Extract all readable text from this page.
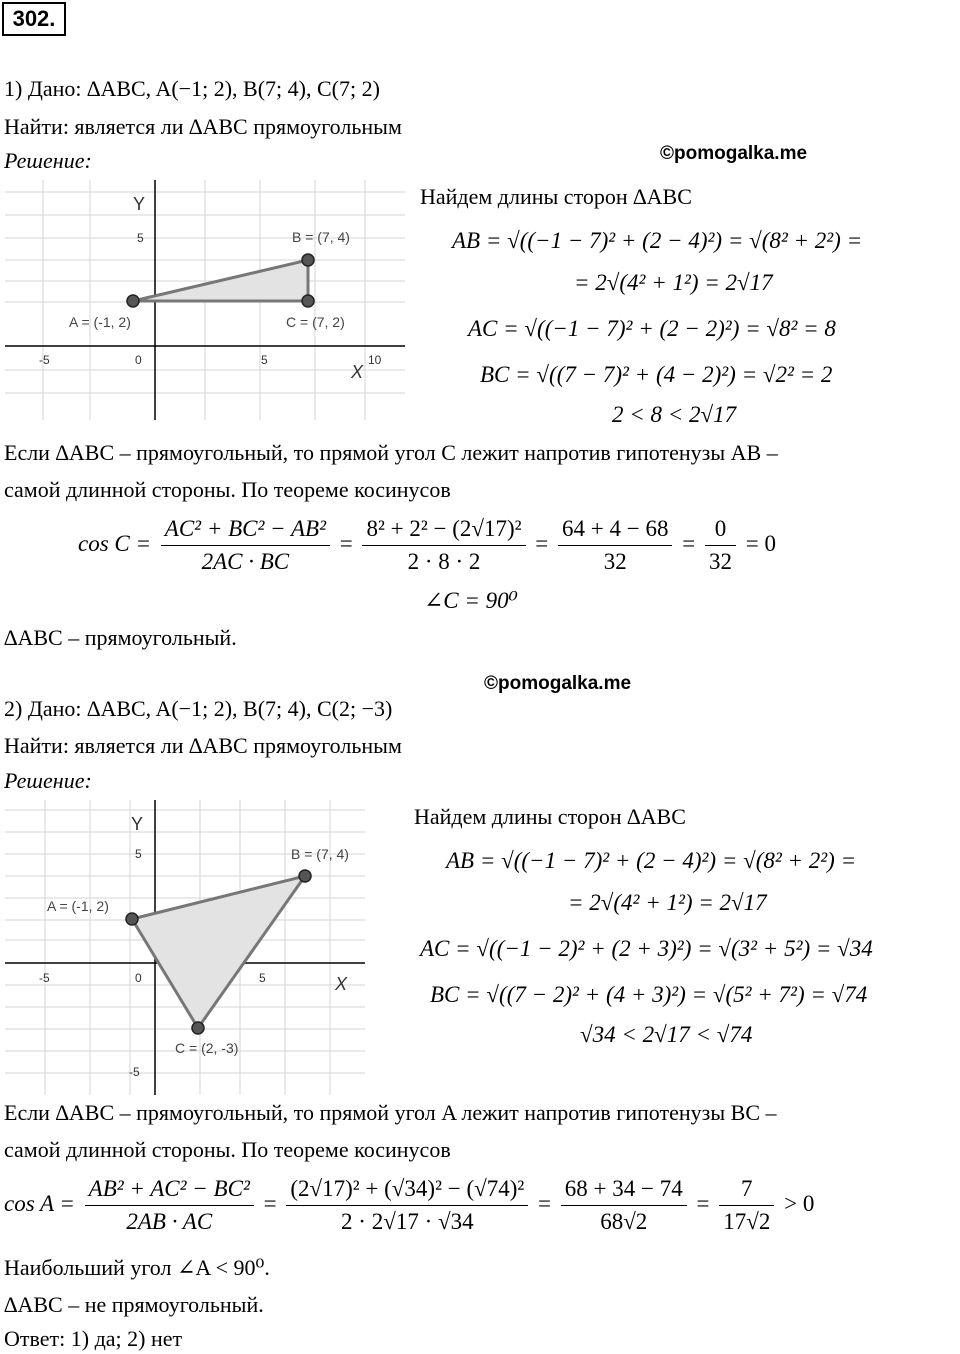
302.
1) Дано: ∆ABC, A(−1; 2), B(7; 4), C(7; 2)
Найти: является ли ∆ABC прямоугольным
Решение:	©pomogalka.me
Y
X
5
-5	0	5	10
A = (-1, 2)
B = (7, 4)
C = (7, 2)
Найдем длины сторон ∆ABC
AB = √((−1 − 7)² + (2 − 4)²) = √(8² + 2²) =
= 2√(4² + 1²) = 2√17
AC = √((−1 − 7)² + (2 − 2)²) = √8² = 8
BC = √((7 − 7)² + (4 − 2)²) = √2² = 2
2 < 8 < 2√17
Если ∆ABC – прямоугольный, то прямой угол C лежит напротив гипотенузы AB –
самой длинной стороны. По теореме косинусов
$\cos C = \frac{\text{AC² + BC² − AB²}}{2AC \cdot BC} = \frac{\text{8² + 2² − (2√17)²}}{2 \cdot 8 \cdot 2} = \frac{64 + 4 - 68}{32} = \frac{0}{32} = 0$
∠C = 90⁰
∆ABC – прямоугольный.
©pomogalka.me
2) Дано: ∆ABC, A(−1; 2), B(7; 4), C(2; −3)
Найти: является ли ∆ABC прямоугольным
Решение:
Y
X
5
-5
-5	0	5
A = (-1, 2)
B = (7, 4)
C = (2, -3)
Найдем длины сторон ∆ABC
AB = √((−1 − 7)² + (2 − 4)²) = √(8² + 2²) =
= 2√(4² + 1²) = 2√17
AC = √((−1 − 2)² + (2 + 3)²) = √(3² + 5²) = √34
BC = √((7 − 2)² + (4 + 3)²) = √(5² + 7²) = √74
√34 < 2√17 < √74
Если ∆ABC – прямоугольный, то прямой угол A лежит напротив гипотенузы BC –
самой длинной стороны. По теореме косинусов
$\cos A = \frac{\text{AB² + AC² − BC²}}{2AB \cdot AC} = \frac{\text{(2√17)² + (√34)² − (√74)²}}{2 \cdot 2√17 \cdot √34} = \frac{68 + 34 - 74}{68√2} = \frac{7}{17√2} > 0$
Наибольший угол ∠A < 90⁰.
∆ABC – не прямоугольный.
Ответ: 1) да; 2) нет
